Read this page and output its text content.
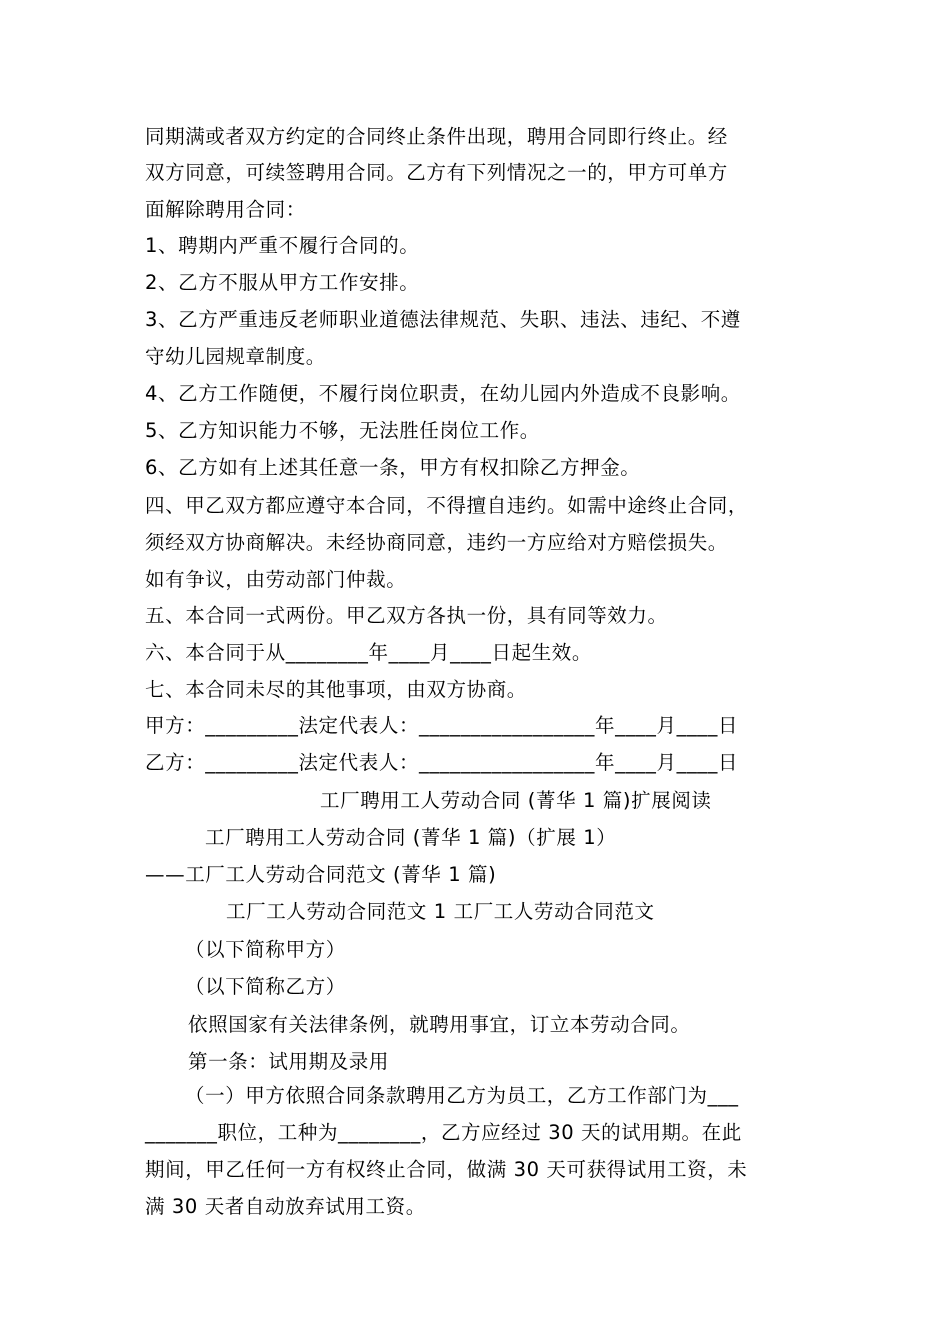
同期满或者双方约定的合同终止条件出现，聘用合同即行终止。经
双方同意，可续签聘用合同。乙方有下列情况之一的，甲方可单方
面解除聘用合同：
1、聘期内严重不履行合同的。
2、乙方不服从甲方工作安排。
3、乙方严重违反老师职业道德法律规范、失职、违法、违纪、不遵
守幼儿园规章制度。
4、乙方工作随便，不履行岗位职责，在幼儿园内外造成不良影响。
5、乙方知识能力不够，无法胜任岗位工作。
6、乙方如有上述其任意一条，甲方有权扣除乙方押金。
四、甲乙双方都应遵守本合同，不得擅自违约。如需中途终止合同，
须经双方协商解决。未经协商同意，违约一方应给对方赔偿损失。
如有争议，由劳动部门仲裁。
五、本合同一式两份。甲乙双方各执一份，具有同等效力。
六、本合同于从________年____月____日起生效。
七、本合同未尽的其他事项，由双方协商。
甲方：_________法定代表人：_________________年____月____日
乙方：_________法定代表人：_________________年____月____日
工厂聘用工人劳动合同 (菁华 1 篇)扩展阅读
工厂聘用工人劳动合同 (菁华 1 篇)（扩展 1）
——工厂工人劳动合同范文 (菁华 1 篇)
工厂工人劳动合同范文 1 工厂工人劳动合同范文
（以下简称甲方）
（以下简称乙方）
依照国家有关法律条例，就聘用事宜，订立本劳动合同。
第一条：试用期及录用
（一）甲方依照合同条款聘用乙方为员工，乙方工作部门为___
_______职位，工种为________，乙方应经过 30 天的试用期。在此
期间，甲乙任何一方有权终止合同，做满 30 天可获得试用工资，未
满 30 天者自动放弃试用工资。
